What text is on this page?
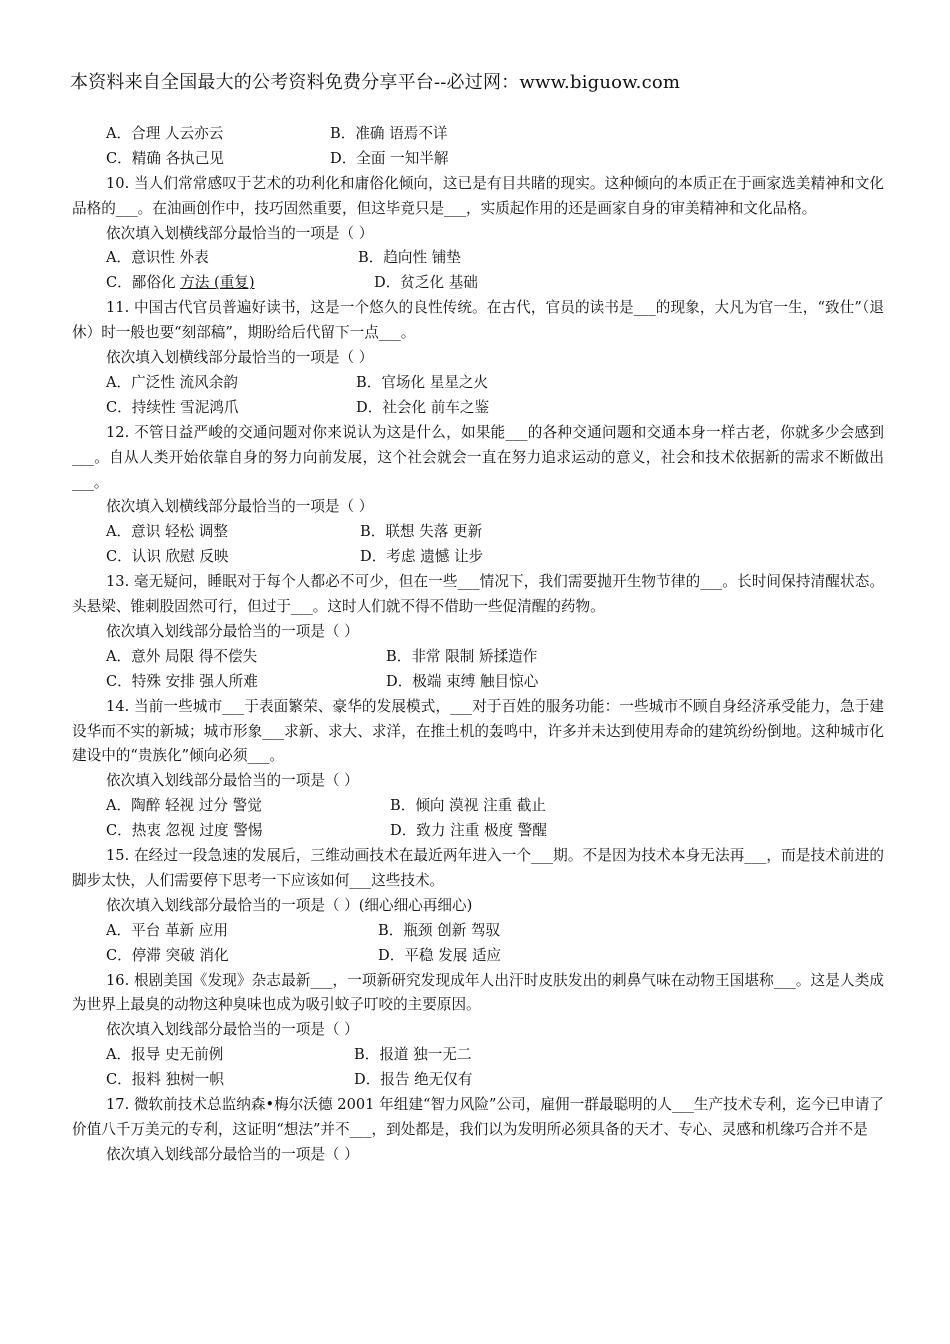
本资料来自全国最大的公考资料免费分享平台--必过网：www.biguow.com
A．合理 人云亦云	B．准确 语焉不详
C．精确 各执己见	D．全面 一知半解
10. 当人们常常感叹于艺术的功利化和庸俗化倾向，这已是有目共睹的现实。这种倾向的本质正在于画家选美精神和文化品格的___。在油画创作中，技巧固然重要，但这毕竟只是___，实质起作用的还是画家自身的审美精神和文化品格。
依次填入划横线部分最恰当的一项是（ ）
A．意识性 外表	B．趋向性 铺垫
C．鄙俗化 方法 (重复)	D．贫乏化 基础
11. 中国古代官员普遍好读书，这是一个悠久的良性传统。在古代，官员的读书是___的现象，大凡为官一生，“致仕”（退休）时一般也要“刻部稿”，期盼给后代留下一点___。
依次填入划横线部分最恰当的一项是（ ）
A．广泛性 流风余韵	B．官场化 星星之火
C．持续性 雪泥鸿爪	D．社会化 前车之鉴
12. 不管日益严峻的交通问题对你来说认为这是什么，如果能___的各种交通问题和交通本身一样古老，你就多少会感到___。自从人类开始依靠自身的努力向前发展，这个社会就会一直在努力追求运动的意义，社会和技术依据新的需求不断做出___。
依次填入划横线部分最恰当的一项是（ ）
A．意识 轻松 调整	B．联想 失落 更新
C．认识 欣慰 反映	D．考虑 遗憾 让步
13. 毫无疑问，睡眠对于每个人都必不可少，但在一些___情况下，我们需要抛开生物节律的___。长时间保持清醒状态。头悬梁、锥刺股固然可行，但过于___。这时人们就不得不借助一些促清醒的药物。
依次填入划线部分最恰当的一项是（ ）
A．意外 局限 得不偿失	B．非常 限制 矫揉造作
C．特殊 安排 强人所难	D．极端 束缚 触目惊心
14. 当前一些城市___于表面繁荣、豪华的发展模式，___对于百姓的服务功能：一些城市不顾自身经济承受能力，急于建设华而不实的新城；城市形象___求新、求大、求洋，在推土机的轰鸣中，许多并未达到使用寿命的建筑纷纷倒地。这种城市化建设中的“贵族化”倾向必须___。
依次填入划线部分最恰当的一项是（ ）
A．陶醉 轻视 过分 警觉	B．倾向 漠视 注重 截止
C．热衷 忽视 过度 警惕	D．致力 注重 极度 警醒
15. 在经过一段急速的发展后，三维动画技术在最近两年进入一个___期。不是因为技术本身无法再___，而是技术前进的脚步太快，人们需要停下思考一下应该如何___这些技术。
依次填入划线部分最恰当的一项是（ ）(细心细心再细心)
A．平台 革新 应用	B．瓶颈 创新 驾驭
C．停滞 突破 消化	D．平稳 发展 适应
16. 根剧美国《发现》杂志最新___，一项新研究发现成年人出汗时皮肤发出的刺鼻气味在动物王国堪称___。这是人类成为世界上最臭的动物这种臭味也成为吸引蚊子叮咬的主要原因。
依次填入划线部分最恰当的一项是（ ）
A．报导 史无前例	B．报道 独一无二
C．报料 独树一帜	D．报告 绝无仅有
17. 微软前技术总监纳森•梅尔沃德 2001 年组建“智力风险”公司，雇佣一群最聪明的人___生产技术专利，迄今已申请了价值八千万美元的专利，这证明“想法”并不___，到处都是，我们以为发明所必须具备的天才、专心、灵感和机缘巧合并不是
依次填入划线部分最恰当的一项是（ ）
